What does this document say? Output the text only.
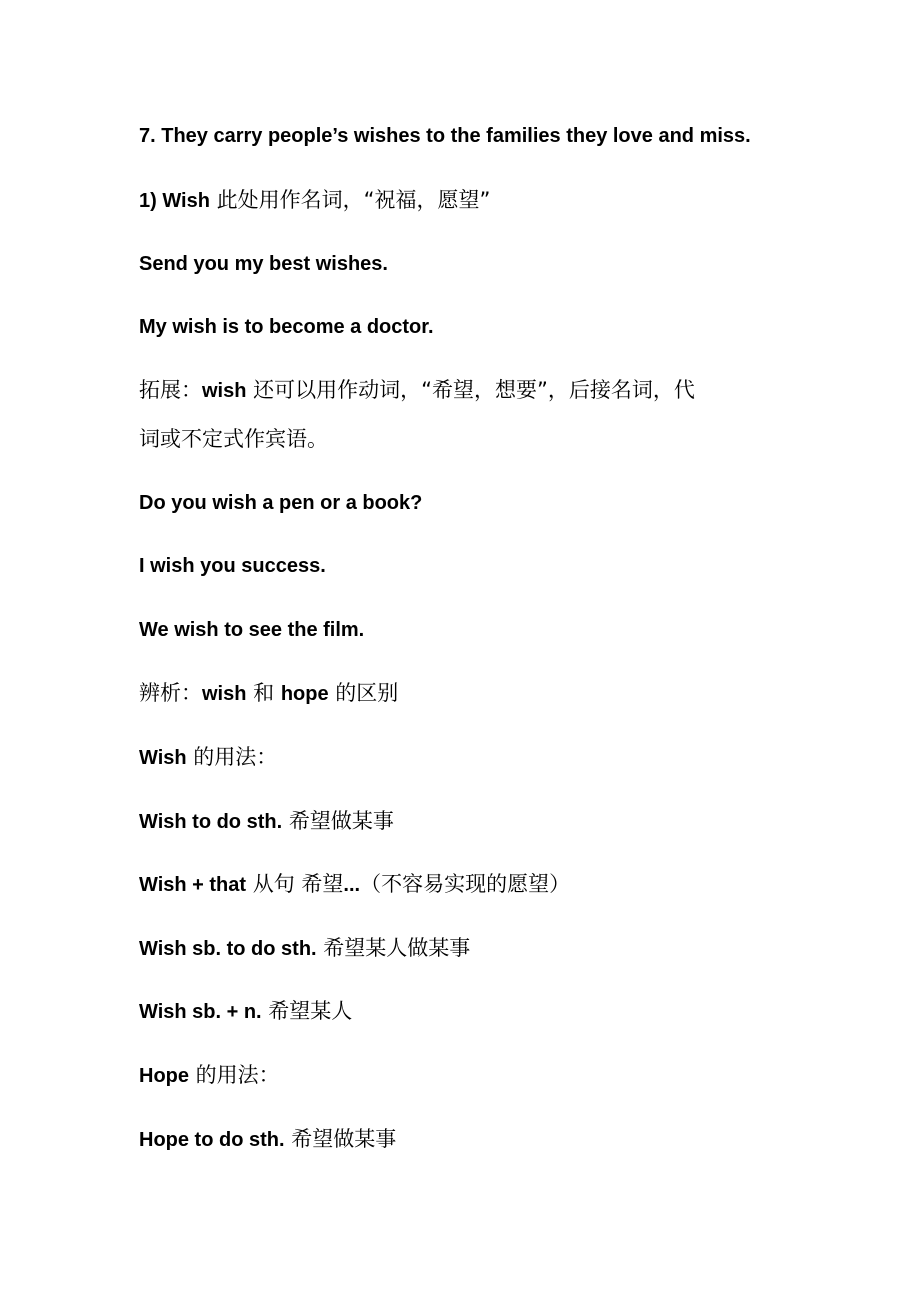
7. They carry people’s wishes to the families they love and miss.
1) Wish 此处用作名词，“祝福，愿望”
Send you my best wishes.
My wish is to become a doctor.
拓展：wish 还可以用作动词，“希望，想要”，后接名词，代
词或不定式作宾语。
Do you wish a pen or a book?
I wish you success.
We wish to see the film.
辨析：wish 和 hope 的区别
Wish 的用法：
Wish to do sth. 希望做某事
Wish + that 从句 希望...（不容易实现的愿望）
Wish sb. to do sth. 希望某人做某事
Wish sb. + n. 希望某人
Hope 的用法：
Hope to do sth. 希望做某事
